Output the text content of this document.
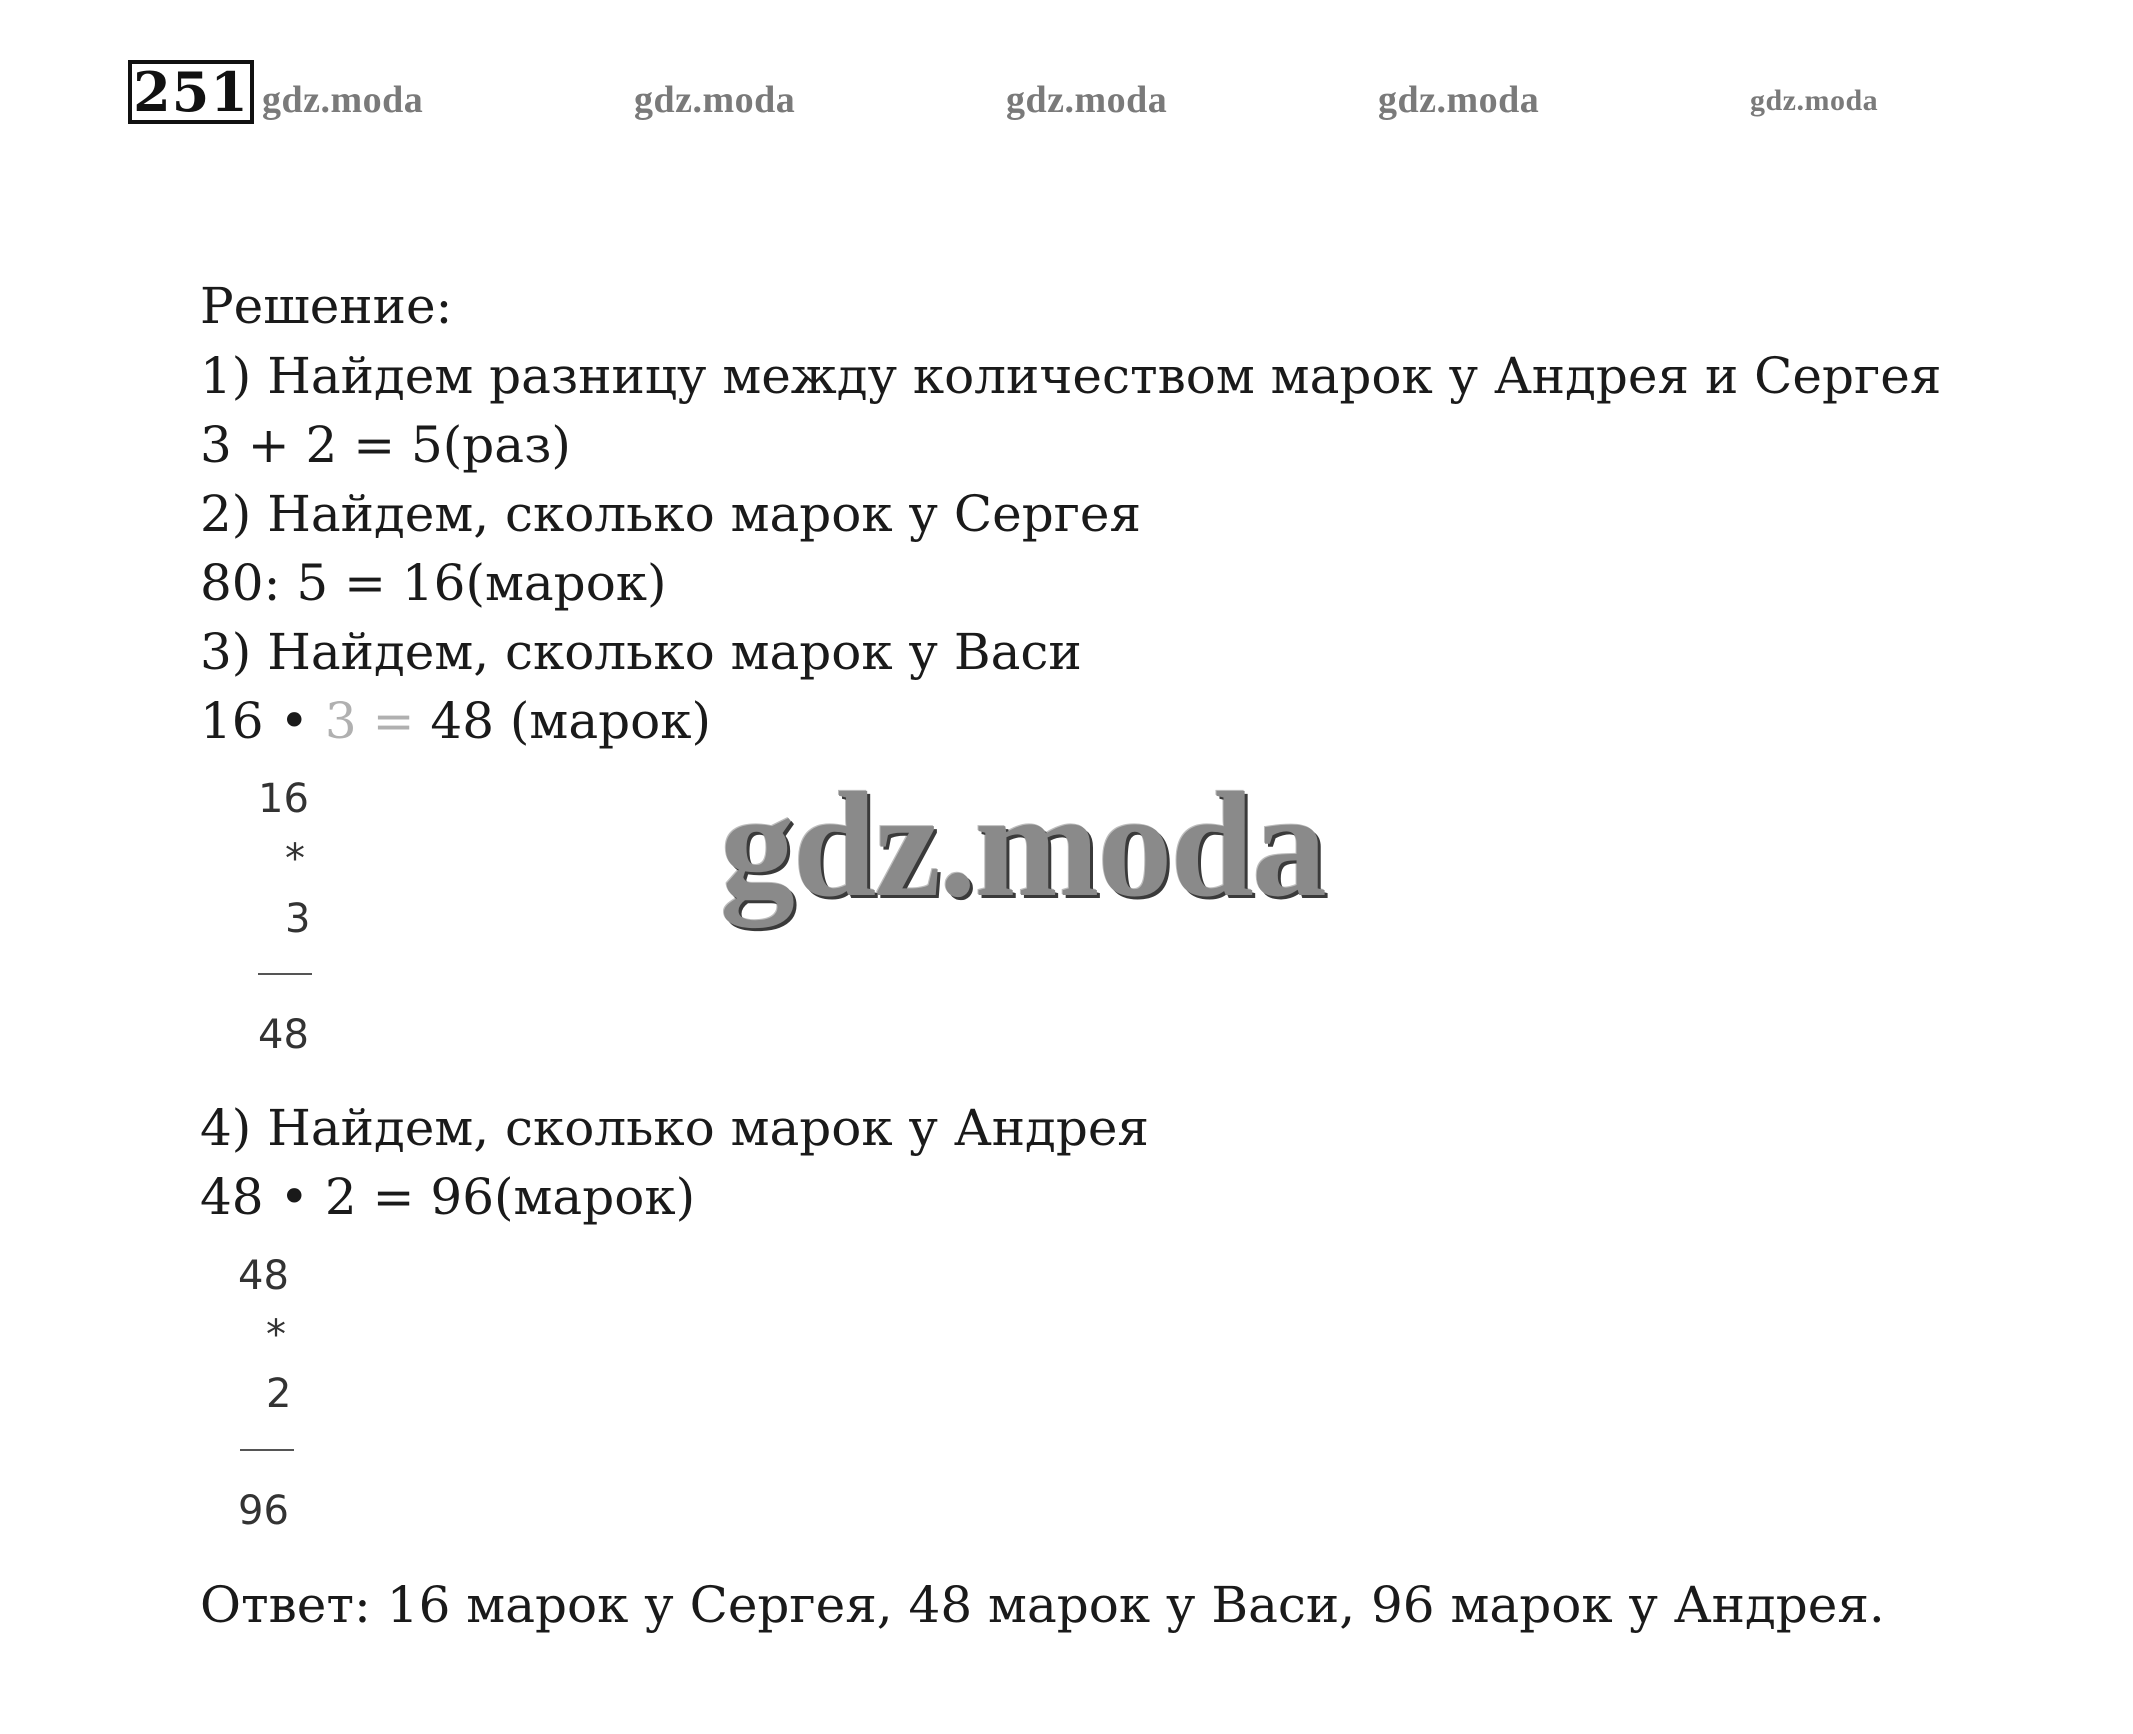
251 gdz.moda	gdz.moda	gdz.moda	gdz.moda	gdz.moda
Решение:
1) Найдем разницу между количеством марок у Андрея и Сергея
3 + 2 = 5(раз)
2) Найдем, сколько марок у Сергея
80: 5 = 16(марок)
3) Найдем, сколько марок у Васи
16 • 3 = 48 (марок)
16
*
3
48
gdz.moda
4) Найдем, сколько марок у Андрея
48 • 2 = 96(марок)
48
*
2
96
Ответ: 16 марок у Сергея, 48 марок у Васи, 96 марок у Андрея.
